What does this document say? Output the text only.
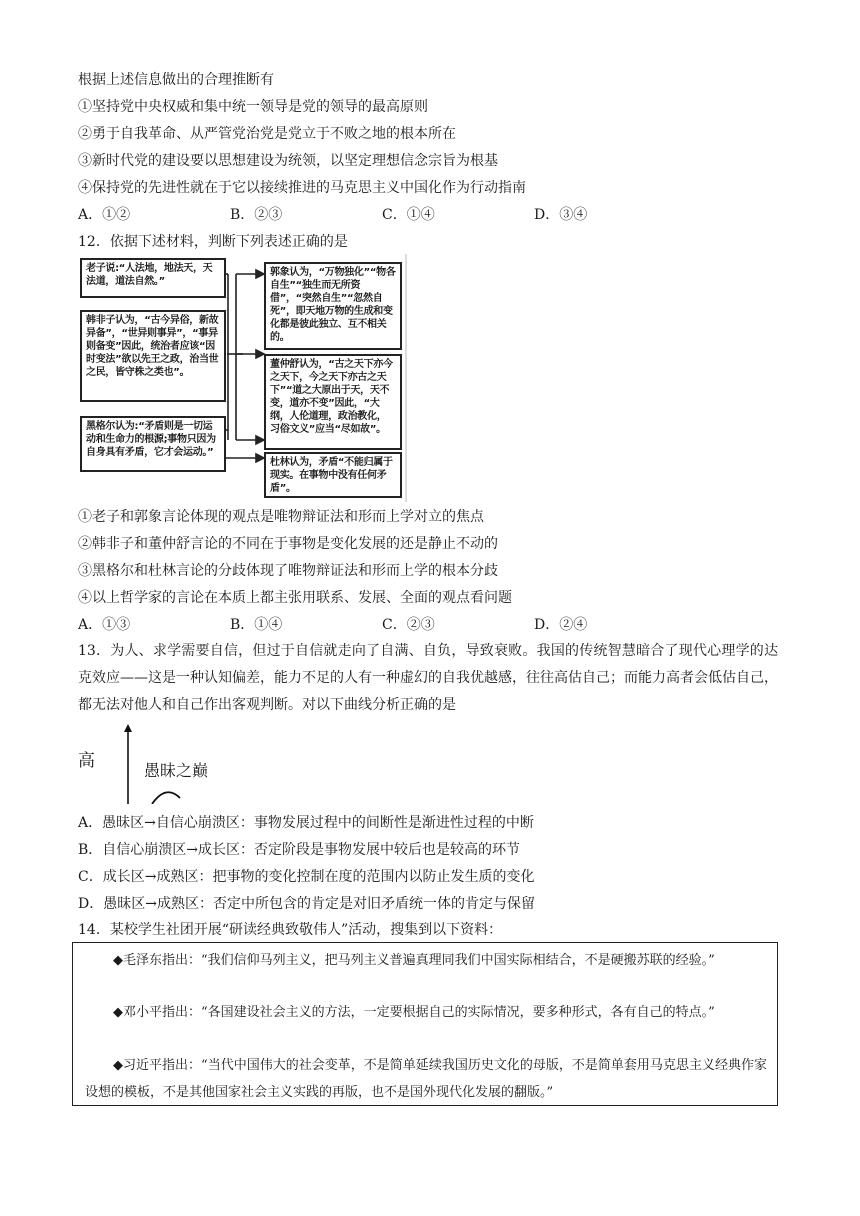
根据上述信息做出的合理推断有
①坚持党中央权威和集中统一领导是党的领导的最高原则
②勇于自我革命、从严管党治党是党立于不败之地的根本所在
③新时代党的建设要以思想建设为统领，以坚定理想信念宗旨为根基
④保持党的先进性就在于它以接续推进的马克思主义中国化作为行动指南
A．①②	B．②③	C．①④	D．③④
12．依据下述材料，判断下列表述正确的是
老子说:“人法地，地法天，天法道，道法自然。”
韩非子认为，“古今异俗，新故异备”，“世异则事异”，“事异则备变”因此，统治者应该“因时变法”欲以先王之政，治当世之民，皆守株之类也”。
黑格尔认为:“矛盾则是一切运动和生命力的根源;事物只因为自身具有矛盾，它才会运动。”
郭象认为，“万物独化”“物各自生”“独生而无所资借”，“突然自生”“忽然自死”，即天地万物的生成和变化都是彼此独立、互不相关的。
董仲舒认为，“古之天下亦今之天下，今之天下亦古之天下”“道之大原出于天，天不变，道亦不变”因此，“大纲，人伦道理，政治教化，习俗文义”应当“尽如故”。
杜林认为，矛盾“不能归属于现实。在事物中没有任何矛盾”。
①老子和郭象言论体现的观点是唯物辩证法和形而上学对立的焦点
②韩非子和董仲舒言论的不同在于事物是变化发展的还是静止不动的
③黑格尔和杜林言论的分歧体现了唯物辩证法和形而上学的根本分歧
④以上哲学家的言论在本质上都主张用联系、发展、全面的观点看问题
A．①③	B．①④	C．②③	D．②④
13．为人、求学需要自信，但过于自信就走向了自满、自负，导致衰败。我国的传统智慧暗合了现代心理学的达克效应——这是一种认知偏差，能力不足的人有一种虚幻的自我优越感，往往高估自己；而能力高者会低估自己，都无法对他人和自己作出客观判断。对以下曲线分析正确的是
高	愚昧之巅
A．愚昧区→自信心崩溃区：事物发展过程中的间断性是渐进性过程的中断
B．自信心崩溃区→成长区：否定阶段是事物发展中较后也是较高的环节
C．成长区→成熟区：把事物的变化控制在度的范围内以防止发生质的变化
D．愚昧区→成熟区：否定中所包含的肯定是对旧矛盾统一体的肯定与保留
14．某校学生社团开展“研读经典致敬伟人”活动，搜集到以下资料：
◆毛泽东指出：“我们信仰马列主义，把马列主义普遍真理同我们中国实际相结合，不是硬搬苏联的经验。”
◆邓小平指出：“各国建设社会主义的方法，一定要根据自己的实际情况，要多种形式，各有自己的特点。”
◆习近平指出：“当代中国伟大的社会变革，不是简单延续我国历史文化的母版，不是简单套用马克思主义经典作家设想的模板，不是其他国家社会主义实践的再版，也不是国外现代化发展的翻版。”
